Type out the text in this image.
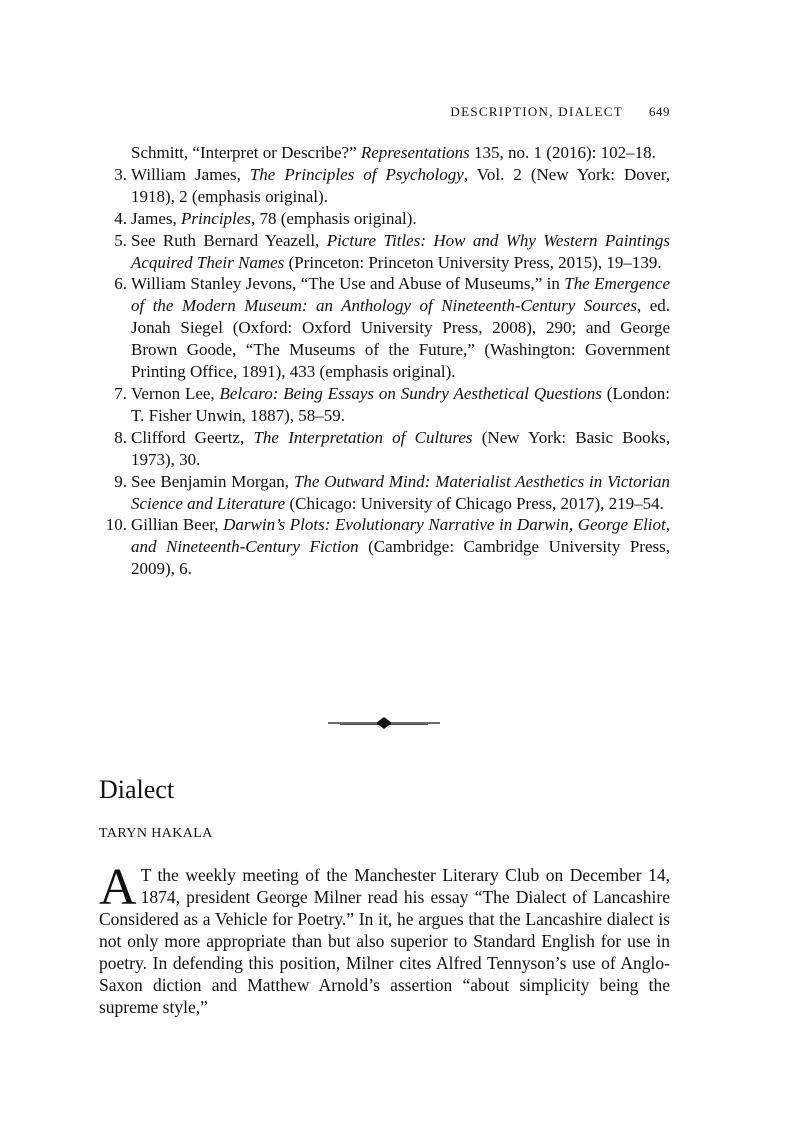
DESCRIPTION, DIALECT 649
Schmitt, “Interpret or Describe?” Representations 135, no. 1 (2016): 102–18.
3. William James, The Principles of Psychology, Vol. 2 (New York: Dover, 1918), 2 (emphasis original).
4. James, Principles, 78 (emphasis original).
5. See Ruth Bernard Yeazell, Picture Titles: How and Why Western Paintings Acquired Their Names (Princeton: Princeton University Press, 2015), 19–139.
6. William Stanley Jevons, “The Use and Abuse of Museums,” in The Emergence of the Modern Museum: an Anthology of Nineteenth-Century Sources, ed. Jonah Siegel (Oxford: Oxford University Press, 2008), 290; and George Brown Goode, “The Museums of the Future,” (Washington: Government Printing Office, 1891), 433 (emphasis original).
7. Vernon Lee, Belcaro: Being Essays on Sundry Aesthetical Questions (London: T. Fisher Unwin, 1887), 58–59.
8. Clifford Geertz, The Interpretation of Cultures (New York: Basic Books, 1973), 30.
9. See Benjamin Morgan, The Outward Mind: Materialist Aesthetics in Victorian Science and Literature (Chicago: University of Chicago Press, 2017), 219–54.
10. Gillian Beer, Darwin’s Plots: Evolutionary Narrative in Darwin, George Eliot, and Nineteenth-Century Fiction (Cambridge: Cambridge University Press, 2009), 6.
Dialect
TARYN HAKALA

A T the weekly meeting of the Manchester Literary Club on December 14, 1874, president George Milner read his essay “The Dialect of Lancashire Considered as a Vehicle for Poetry.” In it, he argues that the Lancashire dialect is not only more appropriate than but also superior to Standard English for use in poetry. In defending this position, Milner cites Alfred Tennyson’s use of Anglo-Saxon diction and Matthew Arnold’s assertion “about simplicity being the supreme style,”
